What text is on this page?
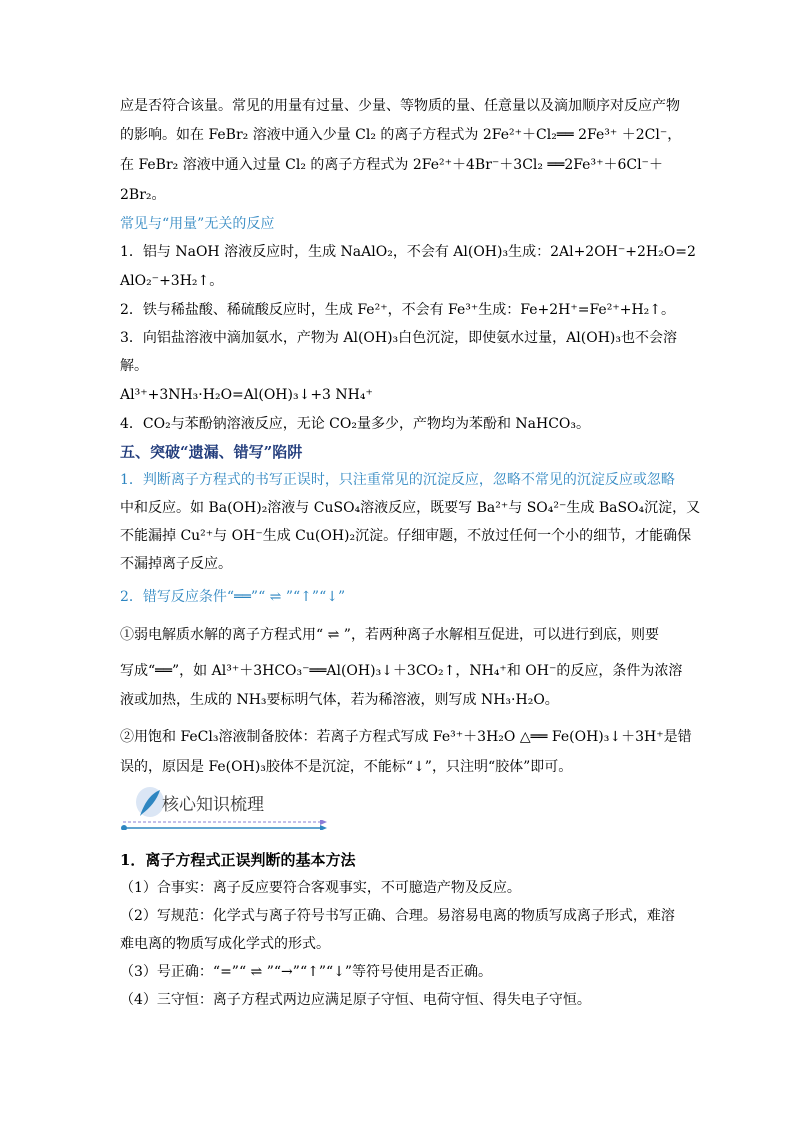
应是否符合该量。常见的用量有过量、少量、等物质的量、任意量以及滴加顺序对反应产物
的影响。如在 FeBr₂ 溶液中通入少量 Cl₂ 的离子方程式为 2Fe²⁺＋Cl₂══ 2Fe³⁺ ＋2Cl⁻，
在 FeBr₂ 溶液中通入过量 Cl₂ 的离子方程式为 2Fe²⁺＋4Br⁻＋3Cl₂ ══2Fe³⁺＋6Cl⁻＋
2Br₂。
常见与“用量”无关的反应
1．铝与 NaOH 溶液反应时，生成 NaAlO₂，不会有 Al(OH)₃生成：2Al+2OH⁻+2H₂O=2
AlO₂⁻+3H₂↑。
2．铁与稀盐酸、稀硫酸反应时，生成 Fe²⁺，不会有 Fe³⁺生成：Fe+2H⁺=Fe²⁺+H₂↑。
3．向铝盐溶液中滴加氨水，产物为 Al(OH)₃白色沉淀，即使氨水过量，Al(OH)₃也不会溶
解。
Al³⁺+3NH₃·H₂O=Al(OH)₃↓+3 NH₄⁺
4．CO₂与苯酚钠溶液反应，无论 CO₂量多少，产物均为苯酚和 NaHCO₃。
五、突破“遗漏、错写”陷阱
1．判断离子方程式的书写正误时，只注重常见的沉淀反应，忽略不常见的沉淀反应或忽略
中和反应。如 Ba(OH)₂溶液与 CuSO₄溶液反应，既要写 Ba²⁺与 SO₄²⁻生成 BaSO₄沉淀，又
不能漏掉 Cu²⁺与 OH⁻生成 Cu(OH)₂沉淀。仔细审题，不放过任何一个小的细节，才能确保
不漏掉离子反应。
2．错写反应条件“══”“ ⇌ ”“↑”“↓”
①弱电解质水解的离子方程式用“ ⇌ ”，若两种离子水解相互促进，可以进行到底，则要
写成“══”，如 Al³⁺＋3HCO₃⁻══Al(OH)₃↓＋3CO₂↑，NH₄⁺和 OH⁻的反应，条件为浓溶
液或加热，生成的 NH₃要标明气体，若为稀溶液，则写成 NH₃·H₂O。
②用饱和 FeCl₃溶液制备胶体：若离子方程式写成 Fe³⁺＋3H₂O △══ Fe(OH)₃↓＋3H⁺是错
误的，原因是 Fe(OH)₃胶体不是沉淀，不能标“↓”，只注明“胶体”即可。
核心知识梳理
1．离子方程式正误判断的基本方法
（1）合事实：离子反应要符合客观事实，不可臆造产物及反应。
（2）写规范：化学式与离子符号书写正确、合理。易溶易电离的物质写成离子形式，难溶
难电离的物质写成化学式的形式。
（3）号正确：“=”“ ⇌ ”“→”“↑”“↓”等符号使用是否正确。
（4）三守恒：离子方程式两边应满足原子守恒、电荷守恒、得失电子守恒。
